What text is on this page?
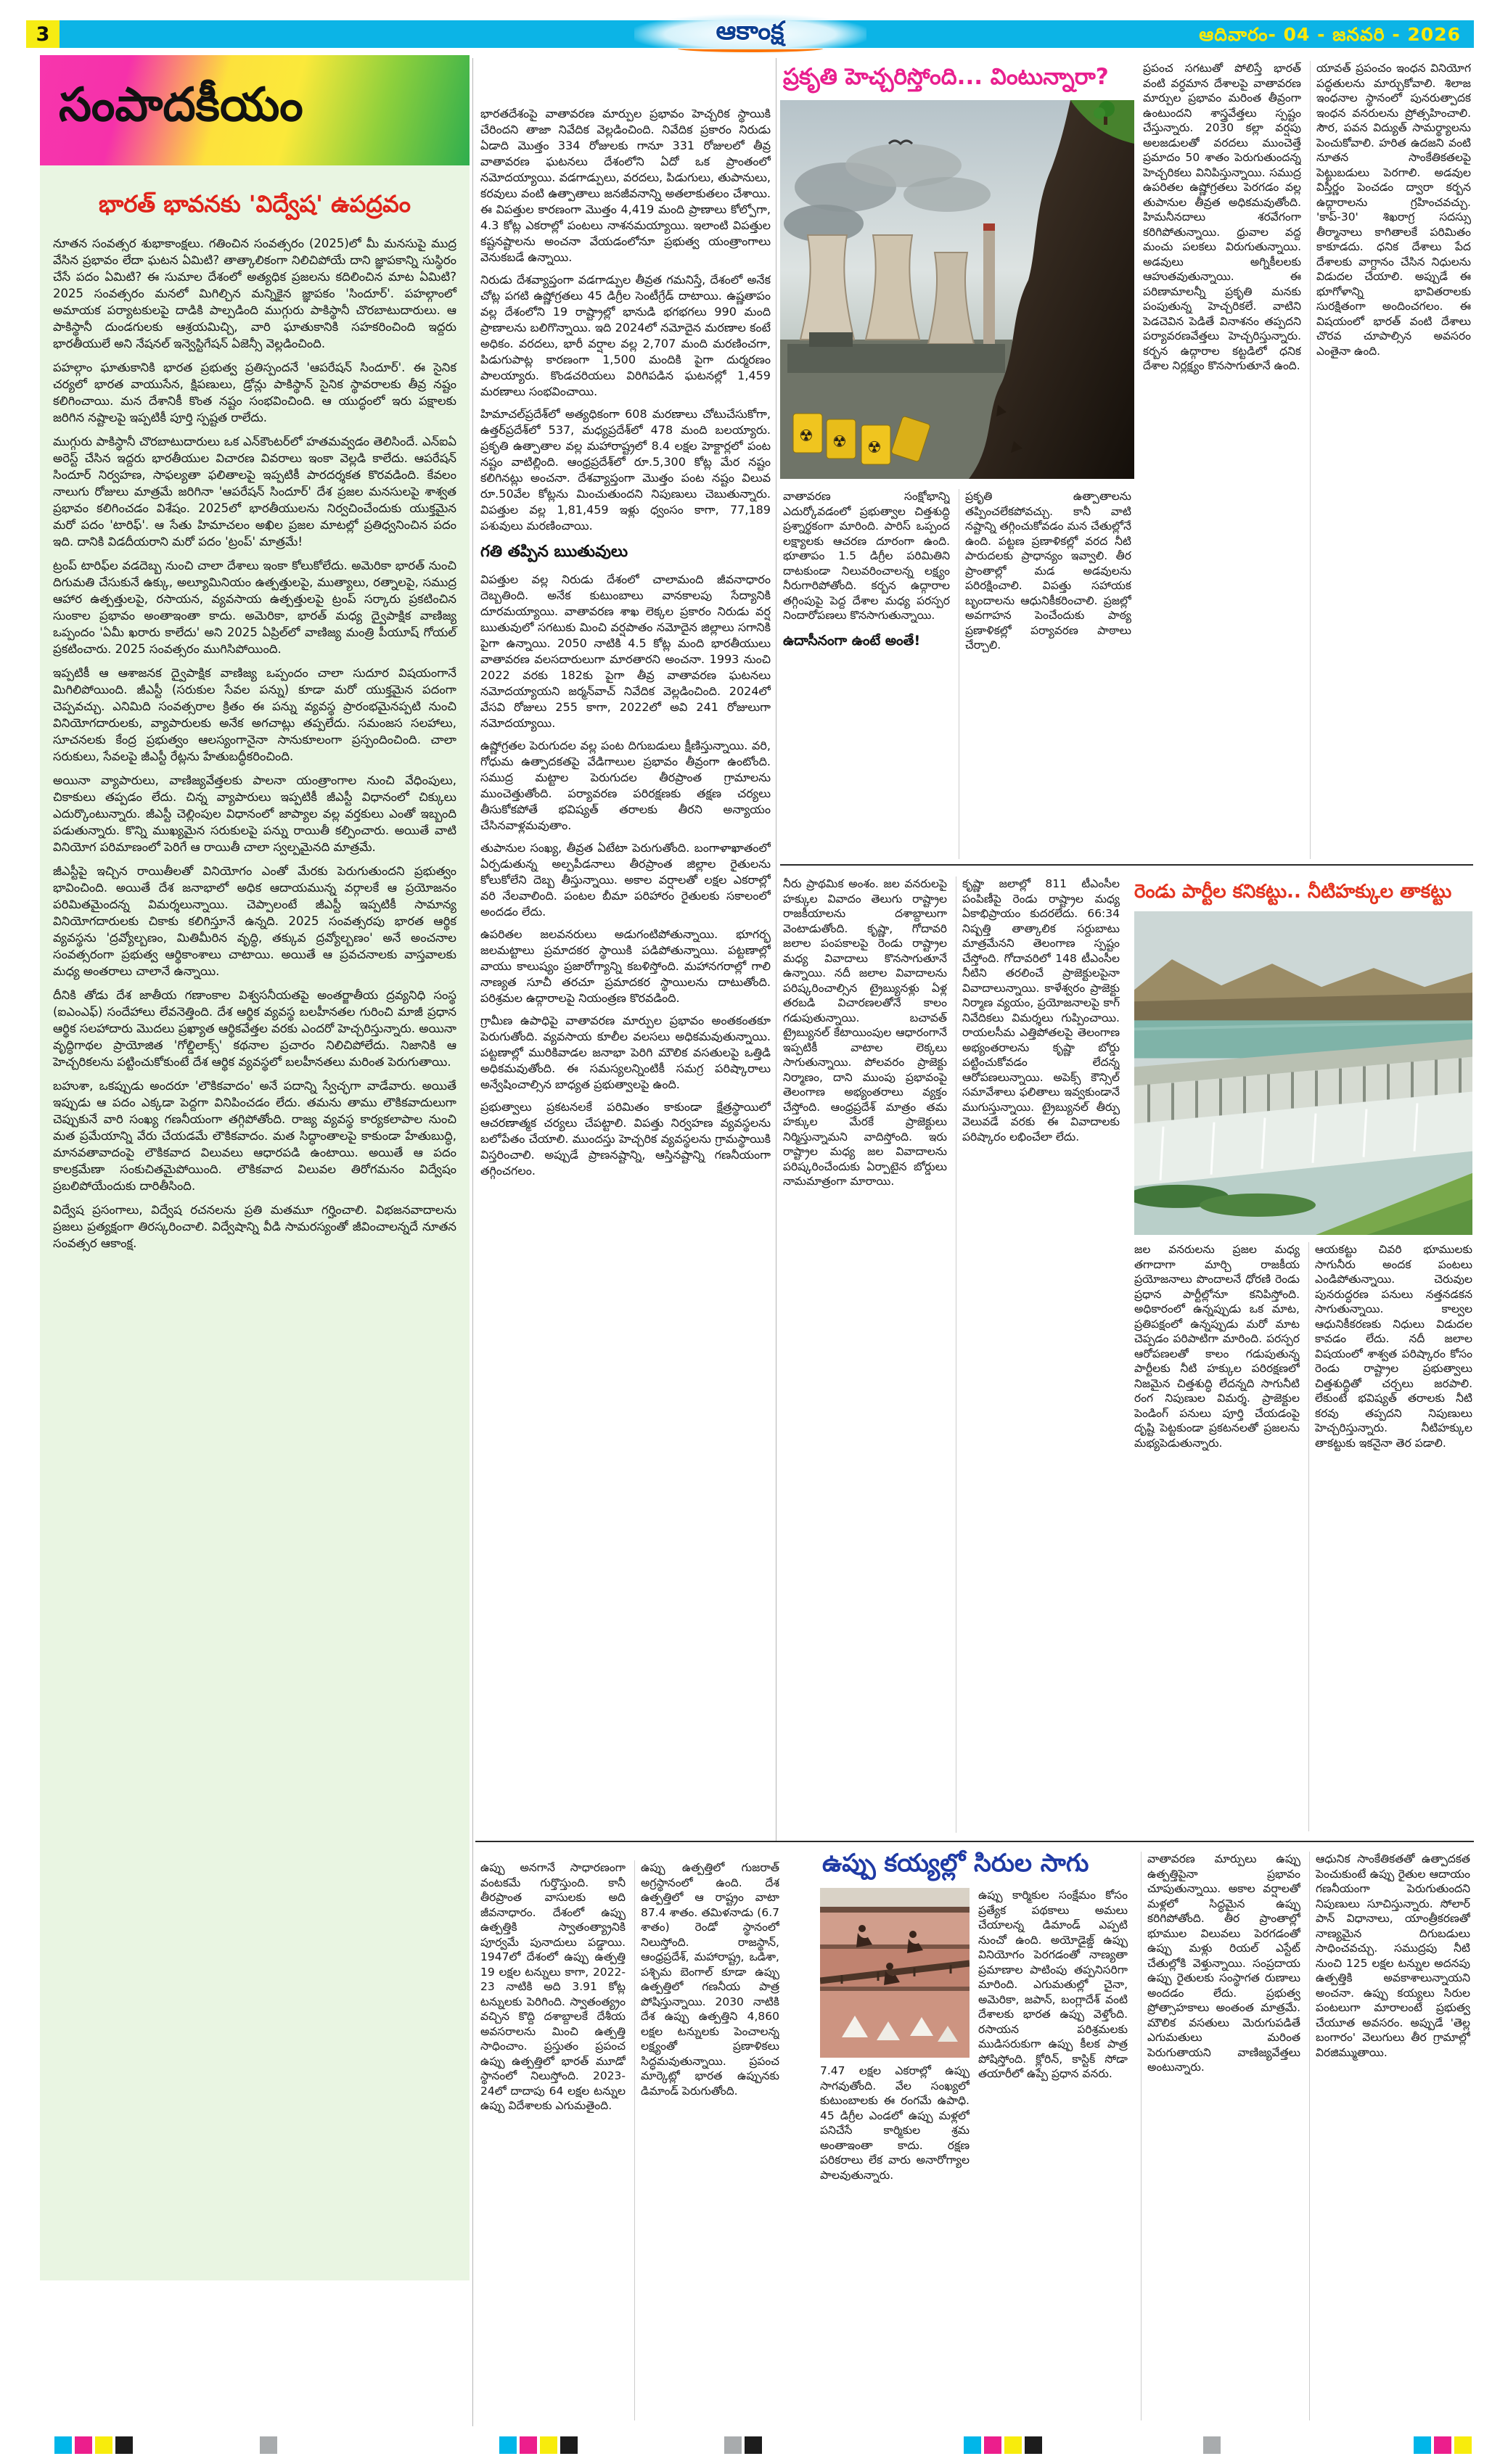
3	ఆకాంక్ష	ఆదివారం- 04 - జనవరి - 2026
సంపాదకీయం
భారత్ భావనకు 'విద్వేష' ఉపద్రవం

నూతన సంవత్సర శుభాకాంక్షలు. గతించిన సంవత్సరం (2025)లో మీ మనసుపై ముద్ర వేసిన ప్రభావం లేదా ఘటన ఏమిటి? తాత్కాలికంగా నిలిచిపోయే దాని జ్ఞాపకాన్ని సుస్థిరం చేసే పదం ఏమిటి? ఈ సుమాల దేశంలో అత్యధిక ప్రజలను కదిలించిన మాట ఏమిటి? 2025 సంవత్సరం మనలో మిగిల్చిన మన్నికైన జ్ఞాపకం 'సిందూర్'. పహల్గాంలో అమాయక పర్యాటకులపై దాడికి పాల్పడింది ముగ్గురు పాకిస్థానీ చొరబాటుదారులు. ఆ పాకిస్థానీ దుండగులకు ఆశ్రయమిచ్చి, వారి ఘాతుకానికి సహకరించింది ఇద్దరు భారతీయులే అని నేషనల్ ఇన్వెస్టిగేషన్ ఏజెన్సీ వెల్లడించింది.

పహల్గాం ఘాతుకానికి భారత ప్రభుత్వ ప్రతిస్పందనే 'ఆపరేషన్ సిందూర్'. ఈ సైనిక చర్యలో భారత వాయుసేన, క్షిపణులు, డ్రోన్లు పాకిస్థాన్ సైనిక స్థావరాలకు తీవ్ర నష్టం కలిగించాయి. మన దేశానికీ కొంత నష్టం సంభవించింది. ఆ యుద్ధంలో ఇరు పక్షాలకు జరిగిన నష్టాలపై ఇప్పటికీ పూర్తి స్పష్టత రాలేదు.

ముగ్గురు పాకిస్థానీ చొరబాటుదారులు ఒక ఎన్‌కౌంటర్‌లో హతమవ్వడం తెలిసిందే. ఎన్ఐఏ అరెస్ట్ చేసిన ఇద్దరు భారతీయుల విచారణ వివరాలు ఇంకా వెల్లడి కాలేదు. ఆపరేషన్ సిందూర్ నిర్వహణ, సాఫల్యతా ఫలితాలపై ఇప్పటికీ పారదర్శకత కొరవడింది. కేవలం నాలుగు రోజులు మాత్రమే జరిగినా 'ఆపరేషన్ సిందూర్' దేశ ప్రజల మనసులపై శాశ్వత ప్రభావం కలిగించడం విశేషం. 2025లో భారతీయులను నిర్వచించేందుకు యుక్తమైన మరో పదం 'టారిఫ్'. ఆ సేతు హిమాచలం అఖిల ప్రజల మాటల్లో ప్రతిధ్వనించిన పదం ఇది. దానికి విడదీయరాని మరో పదం 'ట్రంప్' మాత్రమే!

ట్రంప్ టారిఫ్‌ల వడదెబ్బ నుంచి చాలా దేశాలు ఇంకా కోలుకోలేదు. అమెరికా భారత్ నుంచి దిగుమతి చేసుకునే ఉక్కు, అల్యూమినియం ఉత్పత్తులపై, ముత్యాలు, రత్నాలపై, సముద్ర ఆహార ఉత్పత్తులపై, రసాయన, వ్యవసాయ ఉత్పత్తులపై ట్రంప్ సర్కారు ప్రకటించిన సుంకాల ప్రభావం అంతాఇంతా కాదు. అమెరికా, భారత్ మధ్య ద్వైపాక్షిక వాణిజ్య ఒప్పందం 'ఏమీ ఖరారు కాలేదు' అని 2025 ఏప్రిల్‌లో వాణిజ్య మంత్రి పీయూష్ గోయల్ ప్రకటించారు. 2025 సంవత్సరం ముగిసిపోయింది.

ఇప్పటికీ ఆ ఆశాజనక ద్వైపాక్షిక వాణిజ్య ఒప్పందం చాలా సుదూర విషయంగానే మిగిలిపోయింది. జీఎస్టీ (సరుకుల సేవల పన్ను) కూడా మరో యుక్తమైన పదంగా చెప్పవచ్చు. ఎనిమిది సంవత్సరాల క్రితం ఈ పన్ను వ్యవస్థ ప్రారంభమైనప్పటి నుంచి వినియోగదారులకు, వ్యాపారులకు అనేక అగచాట్లు తప్పలేదు. సమంజస సలహాలు, సూచనలకు కేంద్ర ప్రభుత్వం ఆలస్యంగానైనా సానుకూలంగా ప్రస్పందించింది. చాలా సరుకులు, సేవలపై జీఎస్టీ రేట్లను హేతుబద్ధీకరించింది.

అయినా వ్యాపారులు, వాణిజ్యవేత్తలకు పాలనా యంత్రాంగాల నుంచి వేధింపులు, చికాకులు తప్పడం లేదు. చిన్న వ్యాపారులు ఇప్పటికీ జీఎస్టీ విధానంలో చిక్కులు ఎదుర్కొంటున్నారు. జీఎస్టీ చెల్లింపుల విధానంలో జాప్యాల వల్ల వర్తకులు ఎంతో ఇబ్బంది పడుతున్నారు. కొన్ని ముఖ్యమైన సరుకులపై పన్ను రాయితీ కల్పించారు. అయితే వాటి వినియోగ పరిమాణంలో పెరిగే ఆ రాయితీ చాలా స్వల్పమైనది మాత్రమే.

జీఎస్టీపై ఇచ్చిన రాయితీలతో వినియోగం ఎంతో మేరకు పెరుగుతుందని ప్రభుత్వం భావించింది. అయితే దేశ జనాభాలో అధిక ఆదాయమున్న వర్గాలకే ఆ ప్రయోజనం పరిమితమైందన్న విమర్శలున్నాయి. చెప్పాలంటే జీఎస్టీ ఇప్పటికీ సామాన్య వినియోగదారులకు చికాకు కలిగిస్తూనే ఉన్నది. 2025 సంవత్సరపు భారత ఆర్థిక వ్యవస్థను 'ద్రవ్యోల్బణం, మితిమీరిన వృద్ధి, తక్కువ ద్రవ్యోల్బణం' అనే అంచనాల సంవత్సరంగా ప్రభుత్వ ఆర్థికాంశాలు చాటాయి. అయితే ఆ ప్రవచనాలకు వాస్తవాలకు మధ్య అంతరాలు చాలానే ఉన్నాయి.

దీనికి తోడు దేశ జాతీయ గణాంకాల విశ్వసనీయతపై అంతర్జాతీయ ద్రవ్యనిధి సంస్థ (ఐఎంఎఫ్) సందేహాలు లేవనెత్తింది. దేశ ఆర్థిక వ్యవస్థ బలహీనతల గురించి మాజీ ప్రధాన ఆర్థిక సలహాదారు మొదలు ప్రఖ్యాత ఆర్థికవేత్తల వరకు ఎందరో హెచ్చరిస్తున్నారు. అయినా వృద్ధిగాథల ప్రాయోజిత 'గోల్డిలాక్స్' కథనాల ప్రచారం నిలిచిపోలేదు. నిజానికి ఆ హెచ్చరికలను పట్టించుకోకుంటే దేశ ఆర్థిక వ్యవస్థలో బలహీనతలు మరింత పెరుగుతాయి.

బహుశా, ఒకప్పుడు అందరూ 'లౌకికవాదం' అనే పదాన్ని స్వేచ్ఛగా వాడేవారు. అయితే ఇప్పుడు ఆ పదం ఎక్కడా పెద్దగా వినిపించడం లేదు. తమను తాము లౌకికవాదులుగా చెప్పుకునే వారి సంఖ్య గణనీయంగా తగ్గిపోతోంది. రాజ్య వ్యవస్థ కార్యకలాపాల నుంచి మత ప్రమేయాన్ని వేరు చేయడమే లౌకికవాదం. మత సిద్ధాంతాలపై కాకుండా హేతుబుద్ధి, మానవతావాదంపై లౌకికవాద విలువలు ఆధారపడి ఉంటాయి. అయితే ఆ పదం కాలక్రమేణా సంకుచితమైపోయింది. లౌకికవాద విలువల తిరోగమనం విద్వేషం ప్రబలిపోయేందుకు దారితీసింది.

విద్వేష ప్రసంగాలు, విద్వేష రచనలను ప్రతి మతమూ గర్హించాలి. విభజనవాదాలను ప్రజలు ప్రత్యక్షంగా తిరస్కరించాలి. విద్వేషాన్ని వీడి సామరస్యంతో జీవించాలన్నదే నూతన సంవత్సర ఆకాంక్ష.

భారతదేశంపై వాతావరణ మార్పుల ప్రభావం హెచ్చరిక స్థాయికి చేరిందని తాజా నివేదిక వెల్లడించింది. నివేదిక ప్రకారం నిరుడు ఏడాది మొత్తం 334 రోజులకు గానూ 331 రోజులలో తీవ్ర వాతావరణ ఘటనలు దేశంలోని ఏదో ఒక ప్రాంతంలో నమోదయ్యాయి. వడగాడ్పులు, వరదలు, పిడుగులు, తుపానులు, కరవులు వంటి ఉత్పాతాలు జనజీవనాన్ని అతలాకుతలం చేశాయి. ఈ విపత్తుల కారణంగా మొత్తం 4,419 మంది ప్రాణాలు కోల్పోగా, 4.3 కోట్ల ఎకరాల్లో పంటలు నాశనమయ్యాయి. ఇలాంటి విపత్తుల కష్టనష్టాలను అంచనా వేయడంలోనూ ప్రభుత్వ యంత్రాంగాలు వెనుకబడే ఉన్నాయి.

నిరుడు దేశవ్యాప్తంగా వడగాడ్పుల తీవ్రత గమనిస్తే, దేశంలో అనేక చోట్ల పగటి ఉష్ణోగ్రతలు 45 డిగ్రీల సెంటీగ్రేడ్ దాటాయి. ఉష్ణతాపం వల్ల దేశంలోని 19 రాష్ట్రాల్లో భానుడి భగభగలు 990 మంది ప్రాణాలను బలిగొన్నాయి. ఇది 2024లో నమోదైన మరణాల కంటే అధికం. వరదలు, భారీ వర్షాల వల్ల 2,707 మంది మరణించగా, పిడుగుపాట్ల కారణంగా 1,500 మందికి పైగా దుర్మరణం పాలయ్యారు. కొండచరియలు విరిగిపడిన ఘటనల్లో 1,459 మరణాలు సంభవించాయి.

హిమాచల్‌ప్రదేశ్‌లో అత్యధికంగా 608 మరణాలు చోటుచేసుకోగా, ఉత్తర్‌ప్రదేశ్‌లో 537, మధ్యప్రదేశ్‌లో 478 మంది బలయ్యారు. ప్రకృతి ఉత్పాతాల వల్ల మహారాష్ట్రలో 8.4 లక్షల హెక్టార్లలో పంట నష్టం వాటిల్లింది. ఆంధ్రప్రదేశ్‌లో రూ.5,300 కోట్ల మేర నష్టం కలిగినట్లు అంచనా. దేశవ్యాప్తంగా మొత్తం పంట నష్టం విలువ రూ.50వేల కోట్లను మించుతుందని నిపుణులు చెబుతున్నారు. విపత్తుల వల్ల 1,81,459 ఇళ్లు ధ్వంసం కాగా, 77,189 పశువులు మరణించాయి.

గతి తప్పిన ఋతువులు

విపత్తుల వల్ల నిరుడు దేశంలో చాలామంది జీవనాధారం దెబ్బతింది. అనేక కుటుంబాలు వానకాలపు సేద్యానికి దూరమయ్యాయి. వాతావరణ శాఖ లెక్కల ప్రకారం నిరుడు వర్ష ఋతువులో సగటుకు మించి వర్షపాతం నమోదైన జిల్లాలు సగానికి పైగా ఉన్నాయి. 2050 నాటికి 4.5 కోట్ల మంది భారతీయులు వాతావరణ వలసదారులుగా మారతారని అంచనా. 1993 నుంచి 2022 వరకు 182కు పైగా తీవ్ర వాతావరణ ఘటనలు నమోదయ్యాయని జర్మన్‌వాచ్ నివేదిక వెల్లడించింది. 2024లో వేసవి రోజులు 255 కాగా, 2022లో అవి 241 రోజులుగా నమోదయ్యాయి.

ఉష్ణోగ్రతల పెరుగుదల వల్ల పంట దిగుబడులు క్షీణిస్తున్నాయి. వరి, గోధుమ ఉత్పాదకతపై వేడిగాలుల ప్రభావం తీవ్రంగా ఉంటోంది. సముద్ర మట్టాల పెరుగుదల తీరప్రాంత గ్రామాలను ముంచెత్తుతోంది. పర్యావరణ పరిరక్షణకు తక్షణ చర్యలు తీసుకోకపోతే భవిష్యత్ తరాలకు తీరని అన్యాయం చేసినవాళ్లమవుతాం.

తుపానుల సంఖ్య, తీవ్రత ఏటేటా పెరుగుతోంది. బంగాళాఖాతంలో ఏర్పడుతున్న అల్పపీడనాలు తీరప్రాంత జిల్లాల రైతులను కోలుకోలేని దెబ్బ తీస్తున్నాయి. అకాల వర్షాలతో లక్షల ఎకరాల్లో వరి నేలవాలింది. పంటల బీమా పరిహారం రైతులకు సకాలంలో అందడం లేదు.

ఉపరితల జలవనరులు అడుగంటిపోతున్నాయి. భూగర్భ జలమట్టాలు ప్రమాదకర స్థాయికి పడిపోతున్నాయి. పట్టణాల్లో వాయు కాలుష్యం ప్రజారోగ్యాన్ని కబళిస్తోంది. మహానగరాల్లో గాలి నాణ్యత సూచీ తరచూ ప్రమాదకర స్థాయిలను దాటుతోంది. పరిశ్రమల ఉద్గారాలపై నియంత్రణ కొరవడింది.

గ్రామీణ ఉపాధిపై వాతావరణ మార్పుల ప్రభావం అంతకంతకూ పెరుగుతోంది. వ్యవసాయ కూలీల వలసలు అధికమవుతున్నాయి. పట్టణాల్లో మురికివాడల జనాభా పెరిగి మౌలిక వసతులపై ఒత్తిడి అధికమవుతోంది. ఈ సమస్యలన్నింటికీ సమగ్ర పరిష్కారాలు అన్వేషించాల్సిన బాధ్యత ప్రభుత్వాలపై ఉంది.

ప్రభుత్వాలు ప్రకటనలకే పరిమితం కాకుండా క్షేత్రస్థాయిలో ఆచరణాత్మక చర్యలు చేపట్టాలి. విపత్తు నిర్వహణ వ్యవస్థలను బలోపేతం చేయాలి. ముందస్తు హెచ్చరిక వ్యవస్థలను గ్రామస్థాయికి విస్తరించాలి. అప్పుడే ప్రాణనష్టాన్ని, ఆస్తినష్టాన్ని గణనీయంగా తగ్గించగలం.

ప్రకృతి హెచ్చరిస్తోంది... వింటున్నారా?
☢ ☢ ☢
ప్రపంచ సగటుతో పోలిస్తే భారత్ వంటి వర్ధమాన దేశాలపై వాతావరణ మార్పుల ప్రభావం మరింత తీవ్రంగా ఉంటుందని శాస్త్రవేత్తలు స్పష్టం చేస్తున్నారు. 2030 కల్లా వర్షపు అలజడులతో వరదలు ముంచెత్తే ప్రమాదం 50 శాతం పెరుగుతుందన్న హెచ్చరికలు వినిపిస్తున్నాయి. సముద్ర ఉపరితల ఉష్ణోగ్రతలు పెరగడం వల్ల తుపానుల తీవ్రత అధికమవుతోంది. హిమనీనదాలు శరవేగంగా కరిగిపోతున్నాయి. ధ్రువాల వద్ద మంచు పలకలు విరుగుతున్నాయి. అడవులు అగ్నికీలలకు ఆహుతవుతున్నాయి. ఈ పరిణామాలన్నీ ప్రకృతి మనకు పంపుతున్న హెచ్చరికలే. వాటిని పెడచెవిన పెడితే వినాశనం తప్పదని పర్యావరణవేత్తలు హెచ్చరిస్తున్నారు. కర్బన ఉద్గారాల కట్టడిలో ధనిక దేశాల నిర్లక్ష్యం కొనసాగుతూనే ఉంది.
యావత్ ప్రపంచం ఇంధన వినియోగ పద్ధతులను మార్చుకోవాలి. శిలాజ ఇంధనాల స్థానంలో పునరుత్పాదక ఇంధన వనరులను ప్రోత్సహించాలి. సౌర, పవన విద్యుత్ సామర్థ్యాలను పెంచుకోవాలి. హరిత ఉదజని వంటి నూతన సాంకేతికతలపై పెట్టుబడులు పెరగాలి. అడవుల విస్తీర్ణం పెంచడం ద్వారా కర్బన ఉద్గారాలను గ్రహించవచ్చు. 'కాప్-30' శిఖరాగ్ర సదస్సు తీర్మానాలు కాగితాలకే పరిమితం కాకూడదు. ధనిక దేశాలు పేద దేశాలకు వాగ్దానం చేసిన నిధులను విడుదల చేయాలి. అప్పుడే ఈ భూగోళాన్ని భావితరాలకు సురక్షితంగా అందించగలం. ఈ విషయంలో భారత్ వంటి దేశాలు చొరవ చూపాల్సిన అవసరం ఎంతైనా ఉంది.
వాతావరణ సంక్షోభాన్ని ఎదుర్కోవడంలో ప్రభుత్వాల చిత్తశుద్ధి ప్రశ్నార్థకంగా మారింది. పారిస్ ఒప్పంద లక్ష్యాలకు ఆచరణ దూరంగా ఉంది. భూతాపం 1.5 డిగ్రీల పరిమితిని దాటకుండా నిలువరించాలన్న లక్ష్యం నీరుగారిపోతోంది. కర్బన ఉద్గారాల తగ్గింపుపై పెద్ద దేశాల మధ్య పరస్పర నిందారోపణలు కొనసాగుతున్నాయి.
ఉదాసీనంగా ఉంటే అంతే!
ప్రకృతి ఉత్పాతాలను తప్పించలేకపోవచ్చు. కానీ వాటి నష్టాన్ని తగ్గించుకోవడం మన చేతుల్లోనే ఉంది. పట్టణ ప్రణాళికల్లో వరద నీటి పారుదలకు ప్రాధాన్యం ఇవ్వాలి. తీర ప్రాంతాల్లో మడ అడవులను పరిరక్షించాలి. విపత్తు సహాయక బృందాలను ఆధునికీకరించాలి. ప్రజల్లో అవగాహన పెంచేందుకు పాఠ్య ప్రణాళికల్లో పర్యావరణ పాఠాలు చేర్చాలి.
నీరు ప్రాథమిక అంశం. జల వనరులపై హక్కుల వివాదం తెలుగు రాష్ట్రాల రాజకీయాలను దశాబ్దాలుగా వెంటాడుతోంది. కృష్ణా, గోదావరి జలాల పంపకాలపై రెండు రాష్ట్రాల మధ్య వివాదాలు కొనసాగుతూనే ఉన్నాయి. నదీ జలాల వివాదాలను పరిష్కరించాల్సిన ట్రైబ్యునళ్లు ఏళ్ల తరబడి విచారణలతోనే కాలం గడుపుతున్నాయి. బచావత్ ట్రైబ్యునల్ కేటాయింపుల ఆధారంగానే ఇప్పటికీ వాటాల లెక్కలు సాగుతున్నాయి. పోలవరం ప్రాజెక్టు నిర్మాణం, దాని ముంపు ప్రభావంపై తెలంగాణ అభ్యంతరాలు వ్యక్తం చేస్తోంది. ఆంధ్రప్రదేశ్ మాత్రం తమ హక్కుల మేరకే ప్రాజెక్టులు నిర్మిస్తున్నామని వాదిస్తోంది. ఇరు రాష్ట్రాల మధ్య జల వివాదాలను పరిష్కరించేందుకు ఏర్పాటైన బోర్డులు నామమాత్రంగా మారాయి.
కృష్ణా జలాల్లో 811 టీఎంసీల పంపిణీపై రెండు రాష్ట్రాల మధ్య ఏకాభిప్రాయం కుదరలేదు. 66:34 నిష్పత్తి తాత్కాలిక సర్దుబాటు మాత్రమేనని తెలంగాణ స్పష్టం చేస్తోంది. గోదావరిలో 148 టీఎంసీల నీటిని తరలించే ప్రాజెక్టులపైనా వివాదాలున్నాయి. కాళేశ్వరం ప్రాజెక్టు నిర్మాణ వ్యయం, ప్రయోజనాలపై కాగ్ నివేదికలు విమర్శలు గుప్పించాయి. రాయలసీమ ఎత్తిపోతలపై తెలంగాణ అభ్యంతరాలను కృష్ణా బోర్డు పట్టించుకోవడం లేదన్న ఆరోపణలున్నాయి. అపెక్స్ కౌన్సిల్ సమావేశాలు ఫలితాలు ఇవ్వకుండానే ముగుస్తున్నాయి. ట్రైబ్యునల్ తీర్పు వెలువడే వరకు ఈ వివాదాలకు పరిష్కారం లభించేలా లేదు.
రెండు పార్టీల కనికట్టు.. నీటిహక్కుల తాకట్టు
జల వనరులను ప్రజల మధ్య తగాదాగా మార్చి రాజకీయ ప్రయోజనాలు పొందాలనే ధోరణి రెండు ప్రధాన పార్టీల్లోనూ కనిపిస్తోంది. అధికారంలో ఉన్నప్పుడు ఒక మాట, ప్రతిపక్షంలో ఉన్నప్పుడు మరో మాట చెప్పడం పరిపాటిగా మారింది. పరస్పర ఆరోపణలతో కాలం గడుపుతున్న పార్టీలకు నీటి హక్కుల పరిరక్షణలో నిజమైన చిత్తశుద్ధి లేదన్నది సాగునీటి రంగ నిపుణుల విమర్శ. ప్రాజెక్టుల పెండింగ్ పనులు పూర్తి చేయడంపై దృష్టి పెట్టకుండా ప్రకటనలతో ప్రజలను మభ్యపెడుతున్నారు.
ఆయకట్టు చివరి భూములకు సాగునీరు అందక పంటలు ఎండిపోతున్నాయి. చెరువుల పునరుద్ధరణ పనులు నత్తనడకన సాగుతున్నాయి. కాల్వల ఆధునికీకరణకు నిధులు విడుదల కావడం లేదు. నదీ జలాల విషయంలో శాశ్వత పరిష్కారం కోసం రెండు రాష్ట్రాల ప్రభుత్వాలు చిత్తశుద్ధితో చర్చలు జరపాలి. లేకుంటే భవిష్యత్ తరాలకు నీటి కరవు తప్పదని నిపుణులు హెచ్చరిస్తున్నారు. నీటిహక్కుల తాకట్టుకు ఇకనైనా తెర పడాలి.
ఉప్పు అనగానే సాధారణంగా వంటకమే గుర్తొస్తుంది. కానీ తీరప్రాంత వాసులకు అది జీవనాధారం. దేశంలో ఉప్పు ఉత్పత్తికి స్వాతంత్య్రానికి పూర్వమే పునాదులు పడ్డాయి. 1947లో దేశంలో ఉప్పు ఉత్పత్తి 19 లక్షల టన్నులు కాగా, 2022-23 నాటికి అది 3.91 కోట్ల టన్నులకు పెరిగింది. స్వాతంత్య్రం వచ్చిన కొద్ది దశాబ్దాలకే దేశీయ అవసరాలను మించి ఉత్పత్తి సాధించాం. ప్రస్తుతం ప్రపంచ ఉప్పు ఉత్పత్తిలో భారత్ మూడో స్థానంలో నిలుస్తోంది. 2023-24లో దాదాపు 64 లక్షల టన్నుల ఉప్పు విదేశాలకు ఎగుమతైంది.
ఉప్పు ఉత్పత్తిలో గుజరాత్ అగ్రస్థానంలో ఉంది. దేశ ఉత్పత్తిలో ఆ రాష్ట్రం వాటా 87.4 శాతం. తమిళనాడు (6.7 శాతం) రెండో స్థానంలో నిలుస్తోంది. రాజస్థాన్, ఆంధ్రప్రదేశ్, మహారాష్ట్ర, ఒడిశా, పశ్చిమ బెంగాల్ కూడా ఉప్పు ఉత్పత్తిలో గణనీయ పాత్ర పోషిస్తున్నాయి. 2030 నాటికి దేశ ఉప్పు ఉత్పత్తిని 4,860 లక్షల టన్నులకు పెంచాలన్న లక్ష్యంతో ప్రణాళికలు సిద్ధమవుతున్నాయి. ప్రపంచ మార్కెట్లో భారత ఉప్పునకు డిమాండ్ పెరుగుతోంది.
ఉప్పు కయ్యల్లో సిరుల సాగు
7.47 లక్షల ఎకరాల్లో ఉప్పు సాగవుతోంది. వేల సంఖ్యలో కుటుంబాలకు ఈ రంగమే ఉపాధి. 45 డిగ్రీల ఎండలో ఉప్పు మళ్లలో పనిచేసే కార్మికుల శ్రమ అంతాఇంతా కాదు. రక్షణ పరికరాలు లేక వారు అనారోగ్యాల పాలవుతున్నారు.
ఉప్పు కార్మికుల సంక్షేమం కోసం ప్రత్యేక పథకాలు అమలు చేయాలన్న డిమాండ్ ఎప్పటి నుంచో ఉంది. అయోడైజ్డ్ ఉప్పు వినియోగం పెరగడంతో నాణ్యతా ప్రమాణాల పాటింపు తప్పనిసరిగా మారింది. ఎగుమతుల్లో చైనా, అమెరికా, జపాన్, బంగ్లాదేశ్ వంటి దేశాలకు భారత ఉప్పు వెళ్తోంది. రసాయన పరిశ్రమలకు ముడిసరుకుగా ఉప్పు కీలక పాత్ర పోషిస్తోంది. క్లోరిన్, కాస్టిక్ సోడా తయారీలో ఉప్పే ప్రధాన వనరు.
వాతావరణ మార్పులు ఉప్పు ఉత్పత్తిపైనా ప్రభావం చూపుతున్నాయి. అకాల వర్షాలతో మళ్లలో సిద్ధమైన ఉప్పు కరిగిపోతోంది. తీర ప్రాంతాల్లో భూముల విలువలు పెరగడంతో ఉప్పు మళ్లు రియల్ ఎస్టేట్ చేతుల్లోకి వెళ్తున్నాయి. సంప్రదాయ ఉప్పు రైతులకు సంస్థాగత రుణాలు అందడం లేదు. ప్రభుత్వ ప్రోత్సాహకాలు అంతంత మాత్రమే. మౌలిక వసతులు మెరుగుపడితే ఎగుమతులు మరింత పెరుగుతాయని వాణిజ్యవేత్తలు అంటున్నారు.
ఆధునిక సాంకేతికతతో ఉత్పాదకత పెంచుకుంటే ఉప్పు రైతుల ఆదాయం గణనీయంగా పెరుగుతుందని నిపుణులు సూచిస్తున్నారు. సోలార్ పాన్ విధానాలు, యాంత్రీకరణతో నాణ్యమైన దిగుబడులు సాధించవచ్చు. సముద్రపు నీటి నుంచి 125 లక్షల టన్నుల అదనపు ఉత్పత్తికి అవకాశాలున్నాయని అంచనా. ఉప్పు కయ్యలు సిరుల పంటలుగా మారాలంటే ప్రభుత్వ చేయూత అవసరం. అప్పుడే 'తెల్ల బంగారం' వెలుగులు తీర గ్రామాల్లో విరజిమ్ముతాయి.
